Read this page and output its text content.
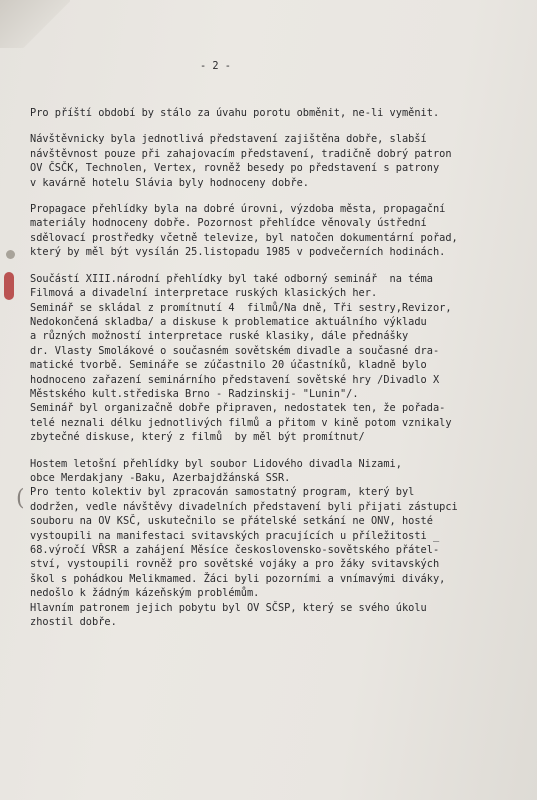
(

- 2 -

Pro příští období by stálo za úvahu porotu obměnit, ne-li vyměnit.
Návštěvnicky byla jednotlivá představení zajištěna dobře, slabší
návštěvnost pouze při zahajovacím představení, tradičně dobrý patron
OV ČSČK, Technolen, Vertex, rovněž besedy po představení s patrony
v kavárně hotelu Slávia byly hodnoceny dobře.
Propagace přehlídky byla na dobré úrovni, výzdoba města, propagační
materiály hodnoceny dobře. Pozornost přehlídce věnovaly ústřední
sdělovací prostředky včetně televize, byl natočen dokumentární pořad,
který by měl být vysílán 25.listopadu 1985 v podvečerních hodinách.
Součástí XIII.národní přehlídky byl také odborný seminář  na téma
Filmová a divadelní interpretace ruských klasických her.
Seminář se skládal z promítnutí 4  filmů/Na dně, Tři sestry,Revizor,
Nedokončená skladba/ a diskuse k problematice aktuálního výkladu
a různých možností interpretace ruské klasiky, dále přednášky
dr. Vlasty Smolákové o současném sovětském divadle a současné dra-
matické tvorbě. Semináře se zúčastnilo 20 účastníků, kladně bylo
hodnoceno zařazení seminárního představení sovětské hry /Divadlo X
Městského kult.střediska Brno - Radzinskij- "Lunin"/.
Seminář byl organizačně dobře připraven, nedostatek ten, že pořada-
telé neznali délku jednotlivých filmů a přitom v kině potom vznikaly
zbytečné diskuse, který z filmů  by měl být promítnut/
Hostem letošní přehlídky byl soubor Lidového divadla Nizami,
obce Merdakjany -Baku, Azerbajdžánská SSR.
Pro tento kolektiv byl zpracován samostatný program, který byl
dodržen, vedle návštěvy divadelních představení byli přijati zástupci
souboru na OV KSČ, uskutečnilo se přátelské setkání ne ONV, hosté
vystoupili na manifestaci svitavských pracujících u příležitosti _
68.výročí VŘSR a zahájení Měsíce československo-sovětského přátel-
ství, vystoupili rovněž pro sovětské vojáky a pro žáky svitavských
škol s pohádkou Melikmamed. Žáci byli pozorními a vnímavými diváky,
nedošlo k žádným kázeňským problémům.
Hlavním patronem jejich pobytu byl OV SČSP, který se svého úkolu
zhostil dobře.
